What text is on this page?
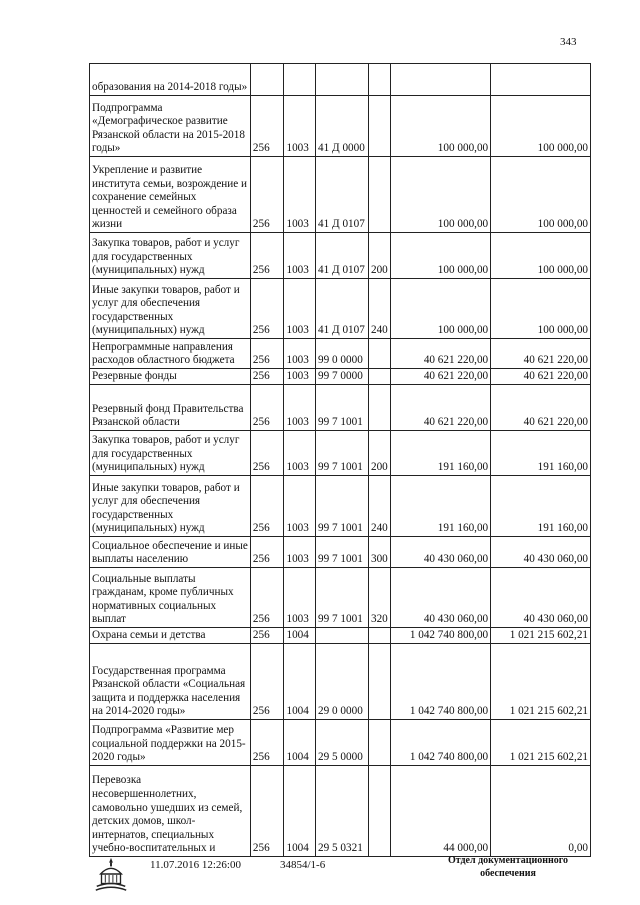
343
образования на 2014-2018 годы»						

Подпрограмма «Демографическое развитие Рязанской области на 2015-2018 годы»	256	1003	41 Д 0000		100 000,00	100 000,00

Укрепление и развитие института семьи, возрождение и сохранение семейных ценностей и семейного образа жизни	256	1003	41 Д 0107		100 000,00	100 000,00

Закупка товаров, работ и услуг для государственных (муниципальных) нужд	256	1003	41 Д 0107	200	100 000,00	100 000,00

Иные закупки товаров, работ и услуг для обеспечения государственных (муниципальных) нужд	256	1003	41 Д 0107	240	100 000,00	100 000,00

Непрограммные направления расходов областного бюджета	256	1003	99 0 0000		40 621 220,00	40 621 220,00

Резервные фонды	256	1003	99 7 0000		40 621 220,00	40 621 220,00

Резервный фонд Правительства Рязанской области	256	1003	99 7 1001		40 621 220,00	40 621 220,00

Закупка товаров, работ и услуг для государственных (муниципальных) нужд	256	1003	99 7 1001	200	191 160,00	191 160,00

Иные закупки товаров, работ и услуг для обеспечения государственных (муниципальных) нужд	256	1003	99 7 1001	240	191 160,00	191 160,00

Социальное обеспечение и иные выплаты населению	256	1003	99 7 1001	300	40 430 060,00	40 430 060,00

Социальные выплаты гражданам, кроме публичных нормативных социальных выплат	256	1003	99 7 1001	320	40 430 060,00	40 430 060,00

Охрана семьи и детства	256	1004			1 042 740 800,00	1 021 215 602,21

Государственная программа Рязанской области «Социальная защита и поддержка населения на 2014-2020 годы»	256	1004	29 0 0000		1 042 740 800,00	1 021 215 602,21

Подпрограмма «Развитие мер социальной поддержки на 2015-2020 годы»	256	1004	29 5 0000		1 042 740 800,00	1 021 215 602,21

Перевозка несовершеннолетних, самовольно ушедших из семей, детских домов, школ-интернатов, специальных учебно-воспитательных и	256	1004	29 5 0321		44 000,00	0,00
11.07.2016 12:26:00	34854/1-6	Отдел документационного
обеспечения
